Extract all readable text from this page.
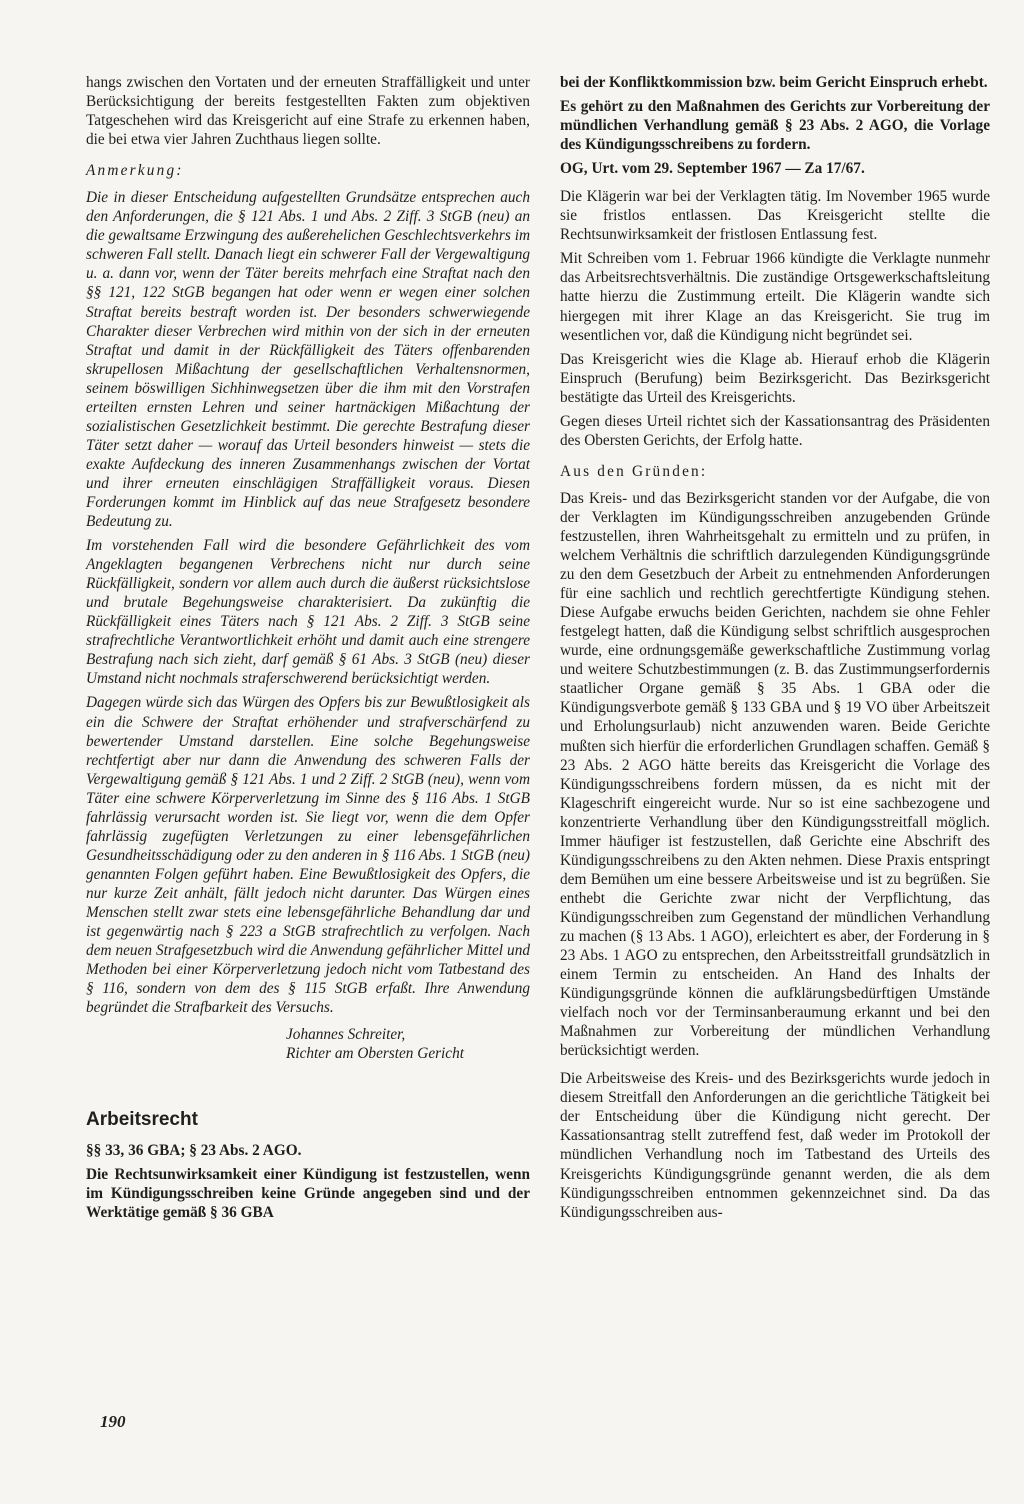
hangs zwischen den Vortaten und der erneuten Straffälligkeit und unter Berücksichtigung der bereits festgestellten Fakten zum objektiven Tatgeschehen wird das Kreisgericht auf eine Strafe zu erkennen haben, die bei etwa vier Jahren Zuchthaus liegen sollte.

Anmerkung:

Die in dieser Entscheidung aufgestellten Grundsätze entsprechen auch den Anforderungen, die § 121 Abs. 1 und Abs. 2 Ziff. 3 StGB (neu) an die gewaltsame Erzwingung des außerehelichen Geschlechtsverkehrs im schweren Fall stellt. Danach liegt ein schwerer Fall der Vergewaltigung u. a. dann vor, wenn der Täter bereits mehrfach eine Straftat nach den §§ 121, 122 StGB begangen hat oder wenn er wegen einer solchen Straftat bereits bestraft worden ist. Der besonders schwerwiegende Charakter dieser Verbrechen wird mithin von der sich in der erneuten Straftat und damit in der Rückfälligkeit des Täters offenbarenden skrupellosen Mißachtung der gesellschaftlichen Verhaltensnormen, seinem böswilligen Sichhinwegsetzen über die ihm mit den Vorstrafen erteilten ernsten Lehren und seiner hartnäckigen Mißachtung der sozialistischen Gesetzlichkeit bestimmt. Die gerechte Bestrafung dieser Täter setzt daher — worauf das Urteil besonders hinweist — stets die exakte Aufdeckung des inneren Zusammenhangs zwischen der Vortat und ihrer erneuten einschlägigen Straffälligkeit voraus. Diesen Forderungen kommt im Hinblick auf das neue Strafgesetz besondere Bedeutung zu.

Im vorstehenden Fall wird die besondere Gefährlichkeit des vom Angeklagten begangenen Verbrechens nicht nur durch seine Rückfälligkeit, sondern vor allem auch durch die äußerst rücksichtslose und brutale Begehungsweise charakterisiert. Da zukünftig die Rückfälligkeit eines Täters nach § 121 Abs. 2 Ziff. 3 StGB seine strafrechtliche Verantwortlichkeit erhöht und damit auch eine strengere Bestrafung nach sich zieht, darf gemäß § 61 Abs. 3 StGB (neu) dieser Umstand nicht nochmals straferschwerend berücksichtigt werden.

Dagegen würde sich das Würgen des Opfers bis zur Bewußtlosigkeit als ein die Schwere der Straftat erhöhender und strafverschärfend zu bewertender Umstand darstellen. Eine solche Begehungsweise rechtfertigt aber nur dann die Anwendung des schweren Falls der Vergewaltigung gemäß § 121 Abs. 1 und 2 Ziff. 2 StGB (neu), wenn vom Täter eine schwere Körperverletzung im Sinne des § 116 Abs. 1 StGB fahrlässig verursacht worden ist. Sie liegt vor, wenn die dem Opfer fahrlässig zugefügten Verletzungen zu einer lebensgefährlichen Gesundheitsschädigung oder zu den anderen in § 116 Abs. 1 StGB (neu) genannten Folgen geführt haben. Eine Bewußtlosigkeit des Opfers, die nur kurze Zeit anhält, fällt jedoch nicht darunter. Das Würgen eines Menschen stellt zwar stets eine lebensgefährliche Behandlung dar und ist gegenwärtig nach § 223 a StGB strafrechtlich zu verfolgen. Nach dem neuen Strafgesetzbuch wird die Anwendung gefährlicher Mittel und Methoden bei einer Körperverletzung jedoch nicht vom Tatbestand des § 116, sondern von dem des § 115 StGB erfaßt. Ihre Anwendung begründet die Strafbarkeit des Versuchs.

Johannes Schreiter,

Richter am Obersten Gericht

Arbeitsrecht

§§ 33, 36 GBA; § 23 Abs. 2 AGO.

Die Rechtsunwirksamkeit einer Kündigung ist festzustellen, wenn im Kündigungsschreiben keine Gründe angegeben sind und der Werktätige gemäß § 36 GBA

bei der Konfliktkommission bzw. beim Gericht Einspruch erhebt.

Es gehört zu den Maßnahmen des Gerichts zur Vorbereitung der mündlichen Verhandlung gemäß § 23 Abs. 2 AGO, die Vorlage des Kündigungsschreibens zu fordern.

OG, Urt. vom 29. September 1967 — Za 17/67.

Die Klägerin war bei der Verklagten tätig. Im November 1965 wurde sie fristlos entlassen. Das Kreisgericht stellte die Rechtsunwirksamkeit der fristlosen Entlassung fest.

Mit Schreiben vom 1. Februar 1966 kündigte die Verklagte nunmehr das Arbeitsrechtsverhältnis. Die zuständige Ortsgewerkschaftsleitung hatte hierzu die Zustimmung erteilt. Die Klägerin wandte sich hiergegen mit ihrer Klage an das Kreisgericht. Sie trug im wesentlichen vor, daß die Kündigung nicht begründet sei.

Das Kreisgericht wies die Klage ab. Hierauf erhob die Klägerin Einspruch (Berufung) beim Bezirksgericht. Das Bezirksgericht bestätigte das Urteil des Kreisgerichts.

Gegen dieses Urteil richtet sich der Kassationsantrag des Präsidenten des Obersten Gerichts, der Erfolg hatte.

Aus den Gründen:

Das Kreis- und das Bezirksgericht standen vor der Aufgabe, die von der Verklagten im Kündigungsschreiben anzugebenden Gründe festzustellen, ihren Wahrheitsgehalt zu ermitteln und zu prüfen, in welchem Verhältnis die schriftlich darzulegenden Kündigungsgründe zu den dem Gesetzbuch der Arbeit zu entnehmenden Anforderungen für eine sachlich und rechtlich gerechtfertigte Kündigung stehen. Diese Aufgabe erwuchs beiden Gerichten, nachdem sie ohne Fehler festgelegt hatten, daß die Kündigung selbst schriftlich ausgesprochen wurde, eine ordnungsgemäße gewerkschaftliche Zustimmung vorlag und weitere Schutzbestimmungen (z. B. das Zustimmungserfordernis staatlicher Organe gemäß § 35 Abs. 1 GBA oder die Kündigungsverbote gemäß § 133 GBA und § 19 VO über Arbeitszeit und Erholungsurlaub) nicht anzuwenden waren. Beide Gerichte mußten sich hierfür die erforderlichen Grundlagen schaffen. Gemäß § 23 Abs. 2 AGO hätte bereits das Kreisgericht die Vorlage des Kündigungsschreibens fordern müssen, da es nicht mit der Klageschrift eingereicht wurde. Nur so ist eine sachbezogene und konzentrierte Verhandlung über den Kündigungsstreitfall möglich. Immer häufiger ist festzustellen, daß Gerichte eine Abschrift des Kündigungsschreibens zu den Akten nehmen. Diese Praxis entspringt dem Bemühen um eine bessere Arbeitsweise und ist zu begrüßen. Sie enthebt die Gerichte zwar nicht der Verpflichtung, das Kündigungsschreiben zum Gegenstand der mündlichen Verhandlung zu machen (§ 13 Abs. 1 AGO), erleichtert es aber, der Forderung in § 23 Abs. 1 AGO zu entsprechen, den Arbeitsstreitfall grundsätzlich in einem Termin zu entscheiden. An Hand des Inhalts der Kündigungsgründe können die aufklärungsbedürftigen Umstände vielfach noch vor der Terminsanberaumung erkannt und bei den Maßnahmen zur Vorbereitung der mündlichen Verhandlung berücksichtigt werden.

Die Arbeitsweise des Kreis- und des Bezirksgerichts wurde jedoch in diesem Streitfall den Anforderungen an die gerichtliche Tätigkeit bei der Entscheidung über die Kündigung nicht gerecht. Der Kassationsantrag stellt zutreffend fest, daß weder im Protokoll der mündlichen Verhandlung noch im Tatbestand des Urteils des Kreisgerichts Kündigungsgründe genannt werden, die als dem Kündigungsschreiben entnommen gekennzeichnet sind. Da das Kündigungsschreiben aus-

190
